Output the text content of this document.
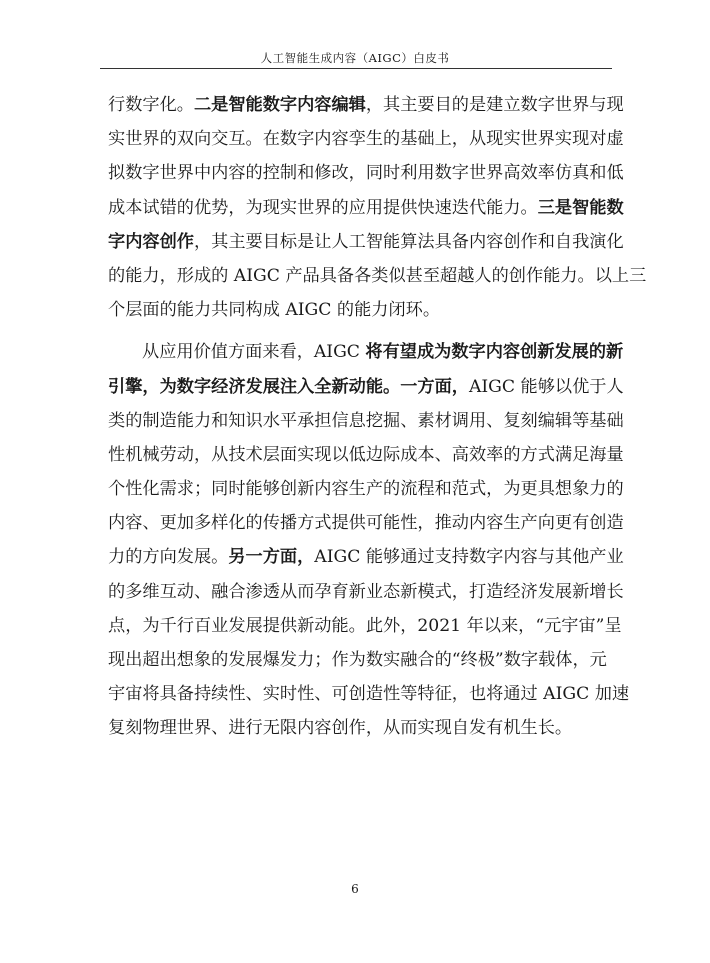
人工智能生成内容（AIGC）白皮书
行数字化。二是智能数字内容编辑，其主要目的是建立数字世界与现
实世界的双向交互。在数字内容孪生的基础上，从现实世界实现对虚
拟数字世界中内容的控制和修改，同时利用数字世界高效率仿真和低
成本试错的优势，为现实世界的应用提供快速迭代能力。三是智能数
字内容创作，其主要目标是让人工智能算法具备内容创作和自我演化
的能力，形成的 AIGC 产品具备各类似甚至超越人的创作能力。以上三
个层面的能力共同构成 AIGC 的能力闭环。
从应用价值方面来看，AIGC 将有望成为数字内容创新发展的新
引擎，为数字经济发展注入全新动能。一方面，AIGC 能够以优于人
类的制造能力和知识水平承担信息挖掘、素材调用、复刻编辑等基础
性机械劳动，从技术层面实现以低边际成本、高效率的方式满足海量
个性化需求；同时能够创新内容生产的流程和范式，为更具想象力的
内容、更加多样化的传播方式提供可能性，推动内容生产向更有创造
力的方向发展。另一方面，AIGC 能够通过支持数字内容与其他产业
的多维互动、融合渗透从而孕育新业态新模式，打造经济发展新增长
点，为千行百业发展提供新动能。此外，2021 年以来，“元宇宙”呈
现出超出想象的发展爆发力；作为数实融合的“终极”数字载体，元
宇宙将具备持续性、实时性、可创造性等特征，也将通过 AIGC 加速
复刻物理世界、进行无限内容创作，从而实现自发有机生长。
6
